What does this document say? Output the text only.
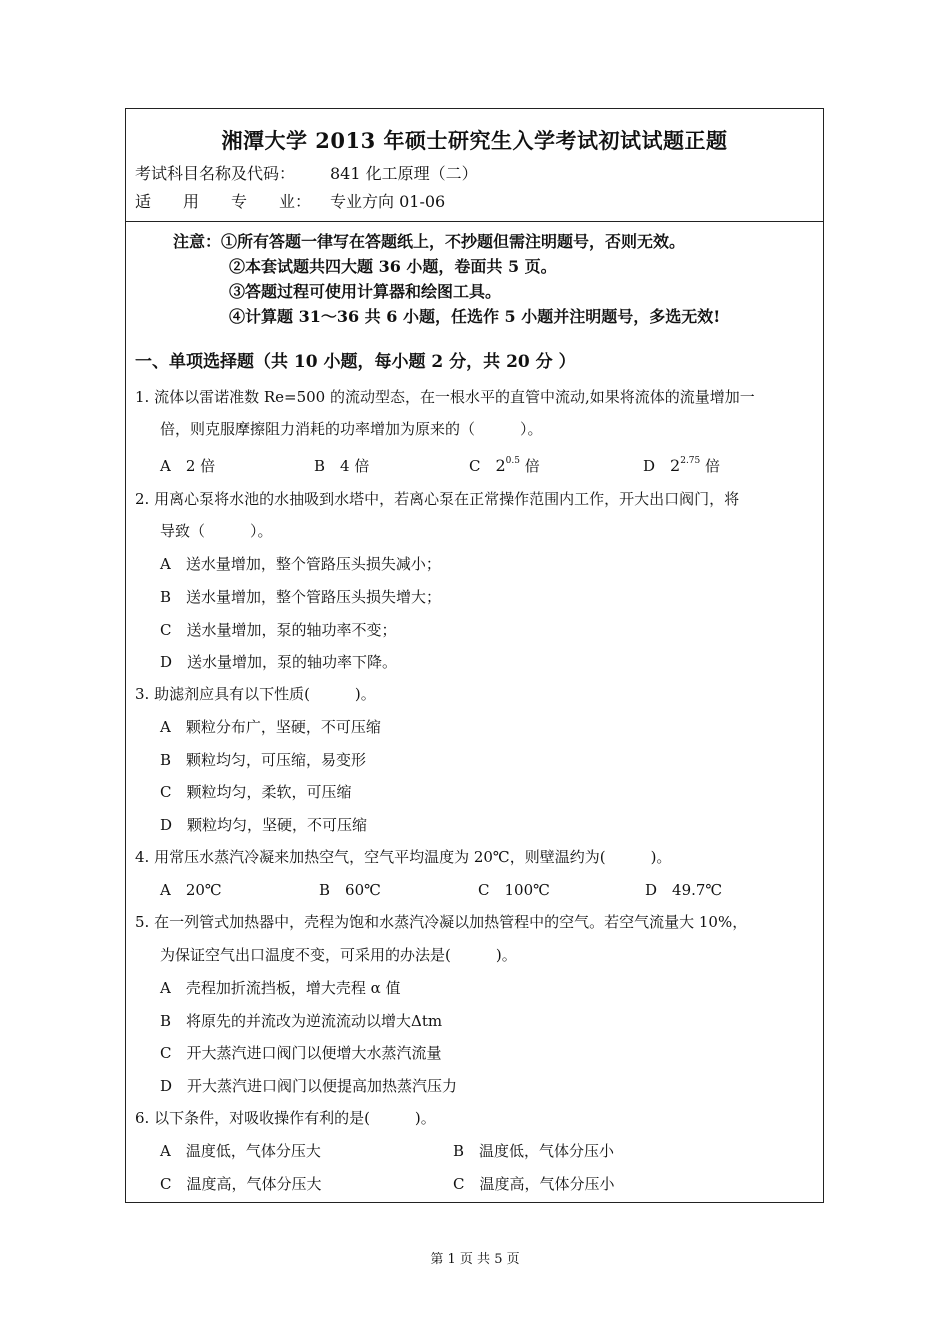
湘潭大学 2013 年硕士研究生入学考试初试试题正题
考试科目名称及代码： 841 化工原理（二）
适　　用　　专　　业： 专业方向 01-06
注意：①所有答题一律写在答题纸上，不抄题但需注明题号，否则无效。
②本套试题共四大题 36 小题，卷面共 5 页。
③答题过程可使用计算器和绘图工具。
④计算题 31～36 共 6 小题，任选作 5 小题并注明题号，多选无效!
一、单项选择题（共 10 小题，每小题 2 分，共 20 分 ）
1. 流体以雷诺准数 Re=500 的流动型态，在一根水平的直管中流动,如果将流体的流量增加一
倍，则克服摩擦阻力消耗的功率增加为原来的（　　　）。
A　2 倍	B　4 倍	C　$2^{0.5}$ 倍	D　$2^{2.75}$ 倍
2. 用离心泵将水池的水抽吸到水塔中，若离心泵在正常操作范围内工作，开大出口阀门，将
导致（　　　）。
A　送水量增加，整个管路压头损失减小；
B　送水量增加，整个管路压头损失增大；
C　送水量增加，泵的轴功率不变；
D　送水量增加，泵的轴功率下降。
3. 助滤剂应具有以下性质(　　　)。
A　颗粒分布广，坚硬，不可压缩
B　颗粒均匀，可压缩，易变形
C　颗粒均匀，柔软，可压缩
D　颗粒均匀，坚硬，不可压缩
4. 用常压水蒸汽冷凝来加热空气，空气平均温度为 20℃，则壁温约为(　　　)。
A　20℃	B　60℃	C　100℃	D　49.7℃
5. 在一列管式加热器中，壳程为饱和水蒸汽冷凝以加热管程中的空气。若空气流量大 10%，
为保证空气出口温度不变，可采用的办法是(　　　)。
A　壳程加折流挡板，增大壳程 α 值
B　将原先的并流改为逆流流动以增大Δtm
C　开大蒸汽进口阀门以便增大水蒸汽流量
D　开大蒸汽进口阀门以便提高加热蒸汽压力
6. 以下条件，对吸收操作有利的是(　　　)。
A　温度低，气体分压大	B　温度低，气体分压小
C　温度高，气体分压大	C　温度高，气体分压小
第 1 页 共 5 页
